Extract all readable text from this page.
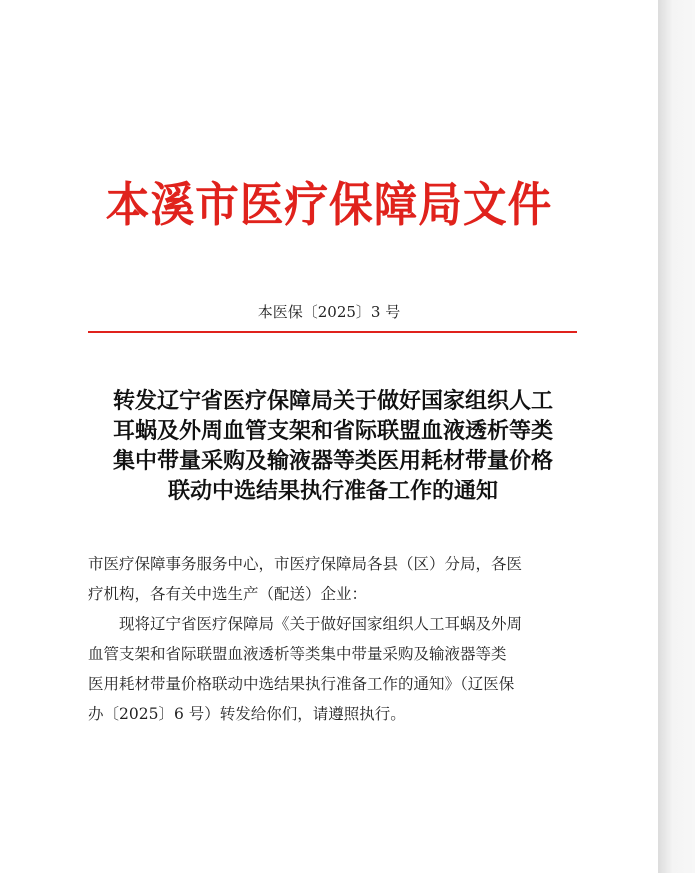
本溪市医疗保障局文件
本医保〔2025〕3 号
转发辽宁省医疗保障局关于做好国家组织人工
耳蜗及外周血管支架和省际联盟血液透析等类
集中带量采购及输液器等类医用耗材带量价格
联动中选结果执行准备工作的通知
市医疗保障事务服务中心，市医疗保障局各县（区）分局，各医
疗机构，各有关中选生产（配送）企业：
　　现将辽宁省医疗保障局《关于做好国家组织人工耳蜗及外周
血管支架和省际联盟血液透析等类集中带量采购及输液器等类
医用耗材带量价格联动中选结果执行准备工作的通知》（辽医保
办〔2025〕6 号）转发给你们，请遵照执行。
